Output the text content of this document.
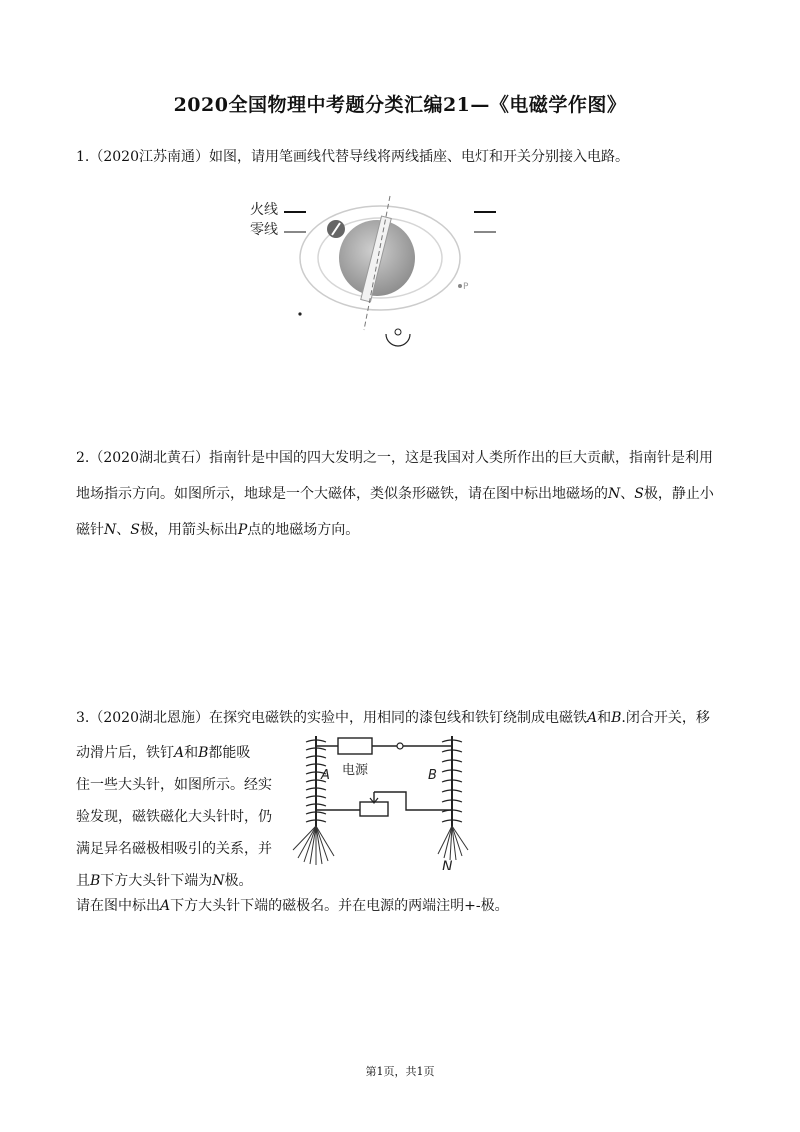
2020全国物理中考题分类汇编21—《电磁学作图》
1.（2020江苏南通）如图，请用笔画线代替导线将两线插座、电灯和开关分别接入电路。
火线
零线
P
2.（2020湖北黄石）指南针是中国的四大发明之一，这是我国对人类所作出的巨大贡献，指南针是利用
地场指示方向。如图所示，地球是一个大磁体，类似条形磁铁，请在图中标出地磁场的N、S极，静止小
磁针N、S极，用箭头标出P点的地磁场方向。
3.（2020湖北恩施）在探究电磁铁的实验中，用相同的漆包线和铁钉绕制成电磁铁A和B.闭合开关，移
动滑片后，铁钉A和B都能吸
住一些大头针，如图所示。经实
验发现，磁铁磁化大头针时，仍
满足异名磁极相吸引的关系，并
且B下方大头针下端为N极。
A	B
电源
N
请在图中标出A下方大头针下端的磁极名。并在电源的两端注明+-极。
第1页，共1页
